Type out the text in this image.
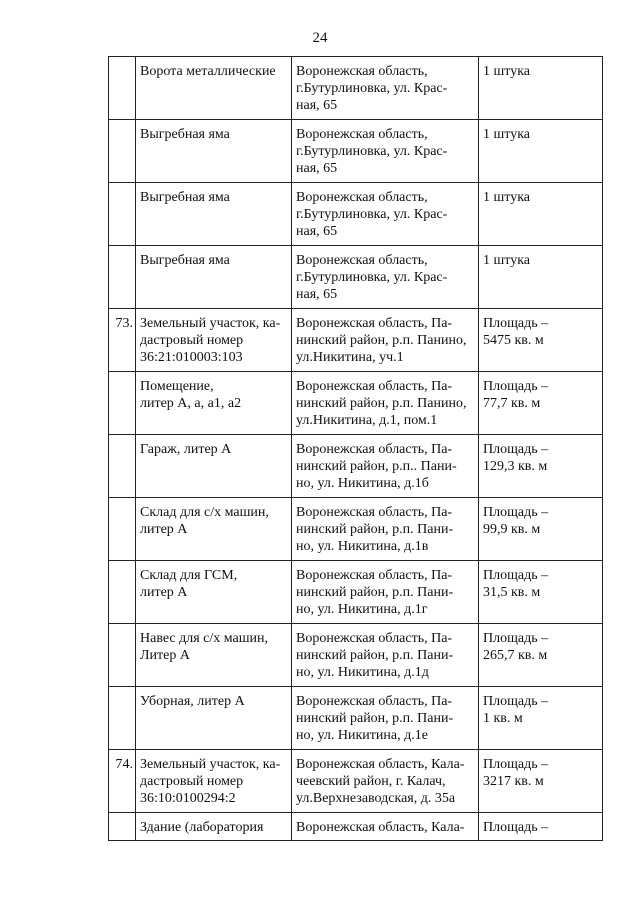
24
	Ворота металлические	Воронежская область,
г.Бутурлиновка, ул. Крас-
ная, 65	1 штука
	Выгребная яма	Воронежская область,
г.Бутурлиновка, ул. Крас-
ная, 65	1 штука
	Выгребная яма	Воронежская область,
г.Бутурлиновка, ул. Крас-
ная, 65	1 штука
	Выгребная яма	Воронежская область,
г.Бутурлиновка, ул. Крас-
ная, 65	1 штука
73.	Земельный участок, ка-
дастровый номер
36:21:010003:103	Воронежская область, Па-
нинский район, р.п. Панино,
ул.Никитина, уч.1	Площадь –
5475 кв. м
	Помещение,
литер А, а, а1, а2	Воронежская область, Па-
нинский район, р.п. Панино,
ул.Никитина, д.1, пом.1	Площадь –
77,7 кв. м
	Гараж, литер А	Воронежская область, Па-
нинский район, р.п.. Пани-
но, ул. Никитина, д.1б	Площадь –
129,3 кв. м
	Склад для с/х машин,
литер А	Воронежская область, Па-
нинский район, р.п. Пани-
но, ул. Никитина, д.1в	Площадь –
99,9 кв. м
	Склад для ГСМ,
литер А	Воронежская область, Па-
нинский район, р.п. Пани-
но, ул. Никитина, д.1г	Площадь –
31,5 кв. м
	Навес для с/х машин,
Литер А	Воронежская область, Па-
нинский район, р.п. Пани-
но, ул. Никитина, д.1д	Площадь –
265,7 кв. м
	Уборная, литер А	Воронежская область, Па-
нинский район, р.п. Пани-
но, ул. Никитина, д.1е	Площадь –
1 кв. м
74.	Земельный участок, ка-
дастровый номер
36:10:0100294:2	Воронежская область, Кала-
чеевский район, г. Калач,
ул.Верхнезаводская, д. 35а	Площадь –
3217 кв. м
	Здание (лаборатория	Воронежская область, Кала-	Площадь –
